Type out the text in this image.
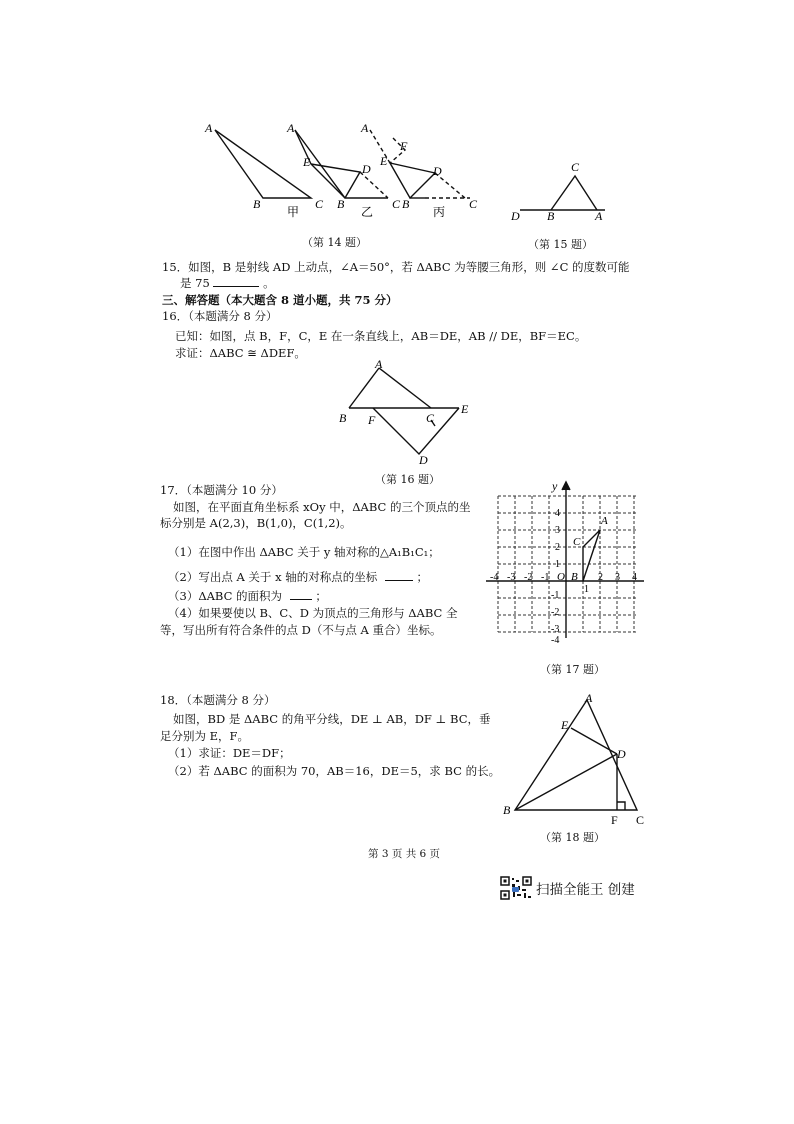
A
B	C
甲
A
E	D
B	C
乙
A
F
E
D
B	C
丙
（第 14 题）
C
D B	A
（第 15 题）
15．如图，B 是射线 AD 上动点，∠A＝50°，若 ΔABC 为等腰三角形，则 ∠C 的度数可能
是 75	。
三、解答题（本大题含 8 道小题，共 75 分）
16．（本题满分 8 分）
已知：如图，点 B，F，C，E 在一条直线上，AB＝DE，AB // DE，BF＝EC。
求证：ΔABC ≅ ΔDEF。
A
B F	C
E
D
（第 16 题）
17．（本题满分 10 分）
如图，在平面直角坐标系 xOy 中，ΔABC 的三个顶点的坐
标分别是 A(2,3)，B(1,0)，C(1,2)。
（1）在图中作出 ΔABC 关于 y 轴对称的△A₁B₁C₁；
（2）写出点 A 关于 x 轴的对称点的坐标	；
（3）ΔABC 的面积为	；
（4）如果要使以 B、C、D 为顶点的三角形与 ΔABC 全
等，写出所有符合条件的点 D（不与点 A 重合）坐标。
y
O
-4 -3 -2 -1
1
2 3 4
4
3
2
1
-1
-2
-3
-4
A
C
B
（第 17 题）
18．（本题满分 8 分）
如图，BD 是 ΔABC 的角平分线，DE ⊥ AB，DF ⊥ BC，垂
足分别为 E，F。
（1）求证：DE＝DF；
（2）若 ΔABC 的面积为 70，AB＝16，DE＝5，求 BC 的长。
A
E
D
B
F C
（第 18 题）
第 3 页 共 6 页
扫描全能王 创建
